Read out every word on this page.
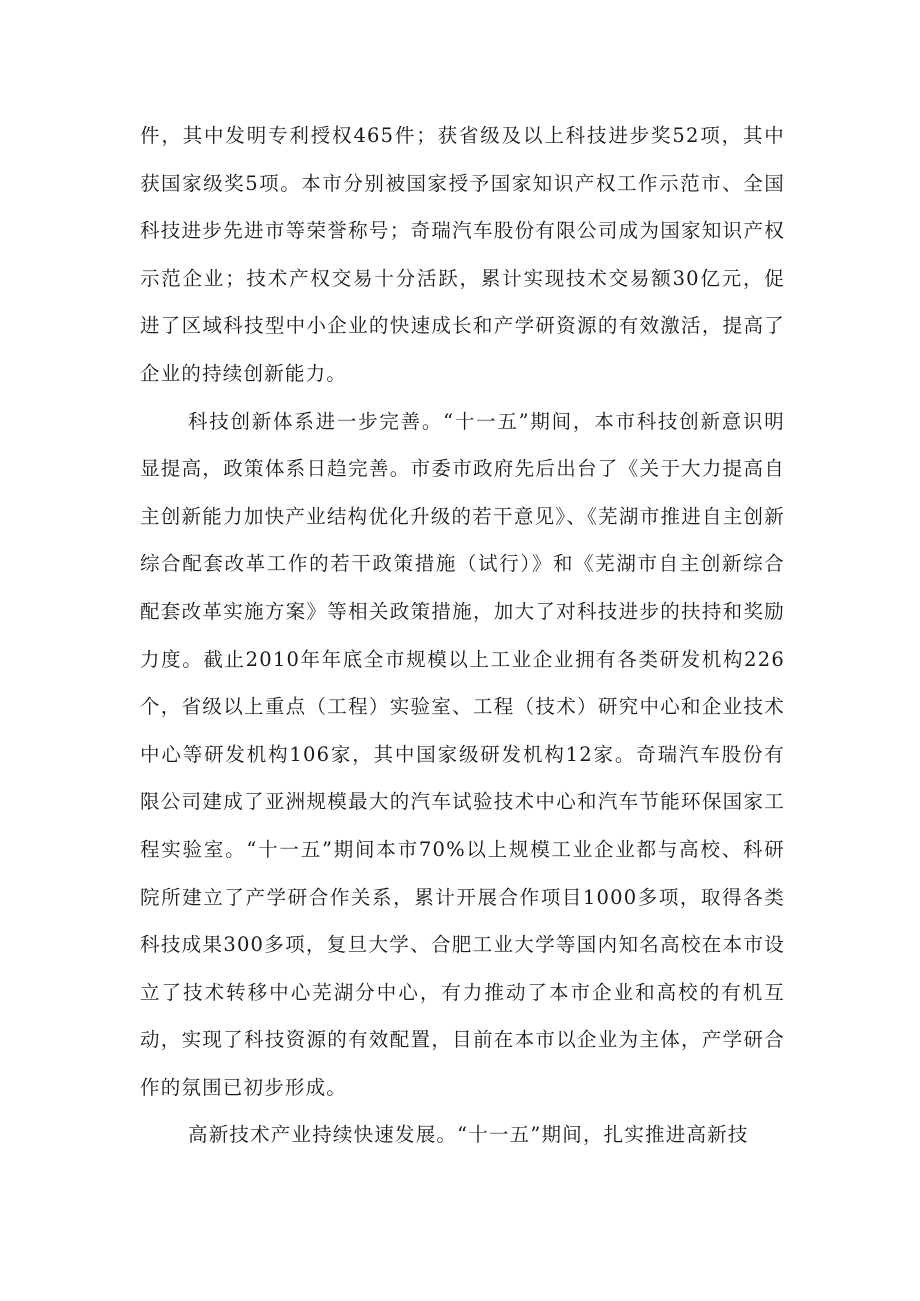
件，其中发明专利授权465件；获省级及以上科技进步奖52项，其中获国家级奖5项。本市分别被国家授予国家知识产权工作示范市、全国科技进步先进市等荣誉称号；奇瑞汽车股份有限公司成为国家知识产权示范企业；技术产权交易十分活跃，累计实现技术交易额30亿元，促进了区域科技型中小企业的快速成长和产学研资源的有效激活，提高了企业的持续创新能力。

科技创新体系进一步完善。“十一五”期间，本市科技创新意识明显提高，政策体系日趋完善。市委市政府先后出台了《关于大力提高自主创新能力加快产业结构优化升级的若干意见》、《芜湖市推进自主创新综合配套改革工作的若干政策措施（试行）》和《芜湖市自主创新综合配套改革实施方案》等相关政策措施，加大了对科技进步的扶持和奖励力度。截止2010年年底全市规模以上工业企业拥有各类研发机构226个，省级以上重点（工程）实验室、工程（技术）研究中心和企业技术中心等研发机构106家，其中国家级研发机构12家。奇瑞汽车股份有限公司建成了亚洲规模最大的汽车试验技术中心和汽车节能环保国家工程实验室。“十一五”期间本市70%以上规模工业企业都与高校、科研院所建立了产学研合作关系，累计开展合作项目1000多项，取得各类科技成果300多项，复旦大学、合肥工业大学等国内知名高校在本市设立了技术转移中心芜湖分中心，有力推动了本市企业和高校的有机互动，实现了科技资源的有效配置，目前在本市以企业为主体，产学研合作的氛围已初步形成。

高新技术产业持续快速发展。“十一五”期间，扎实推进高新技
